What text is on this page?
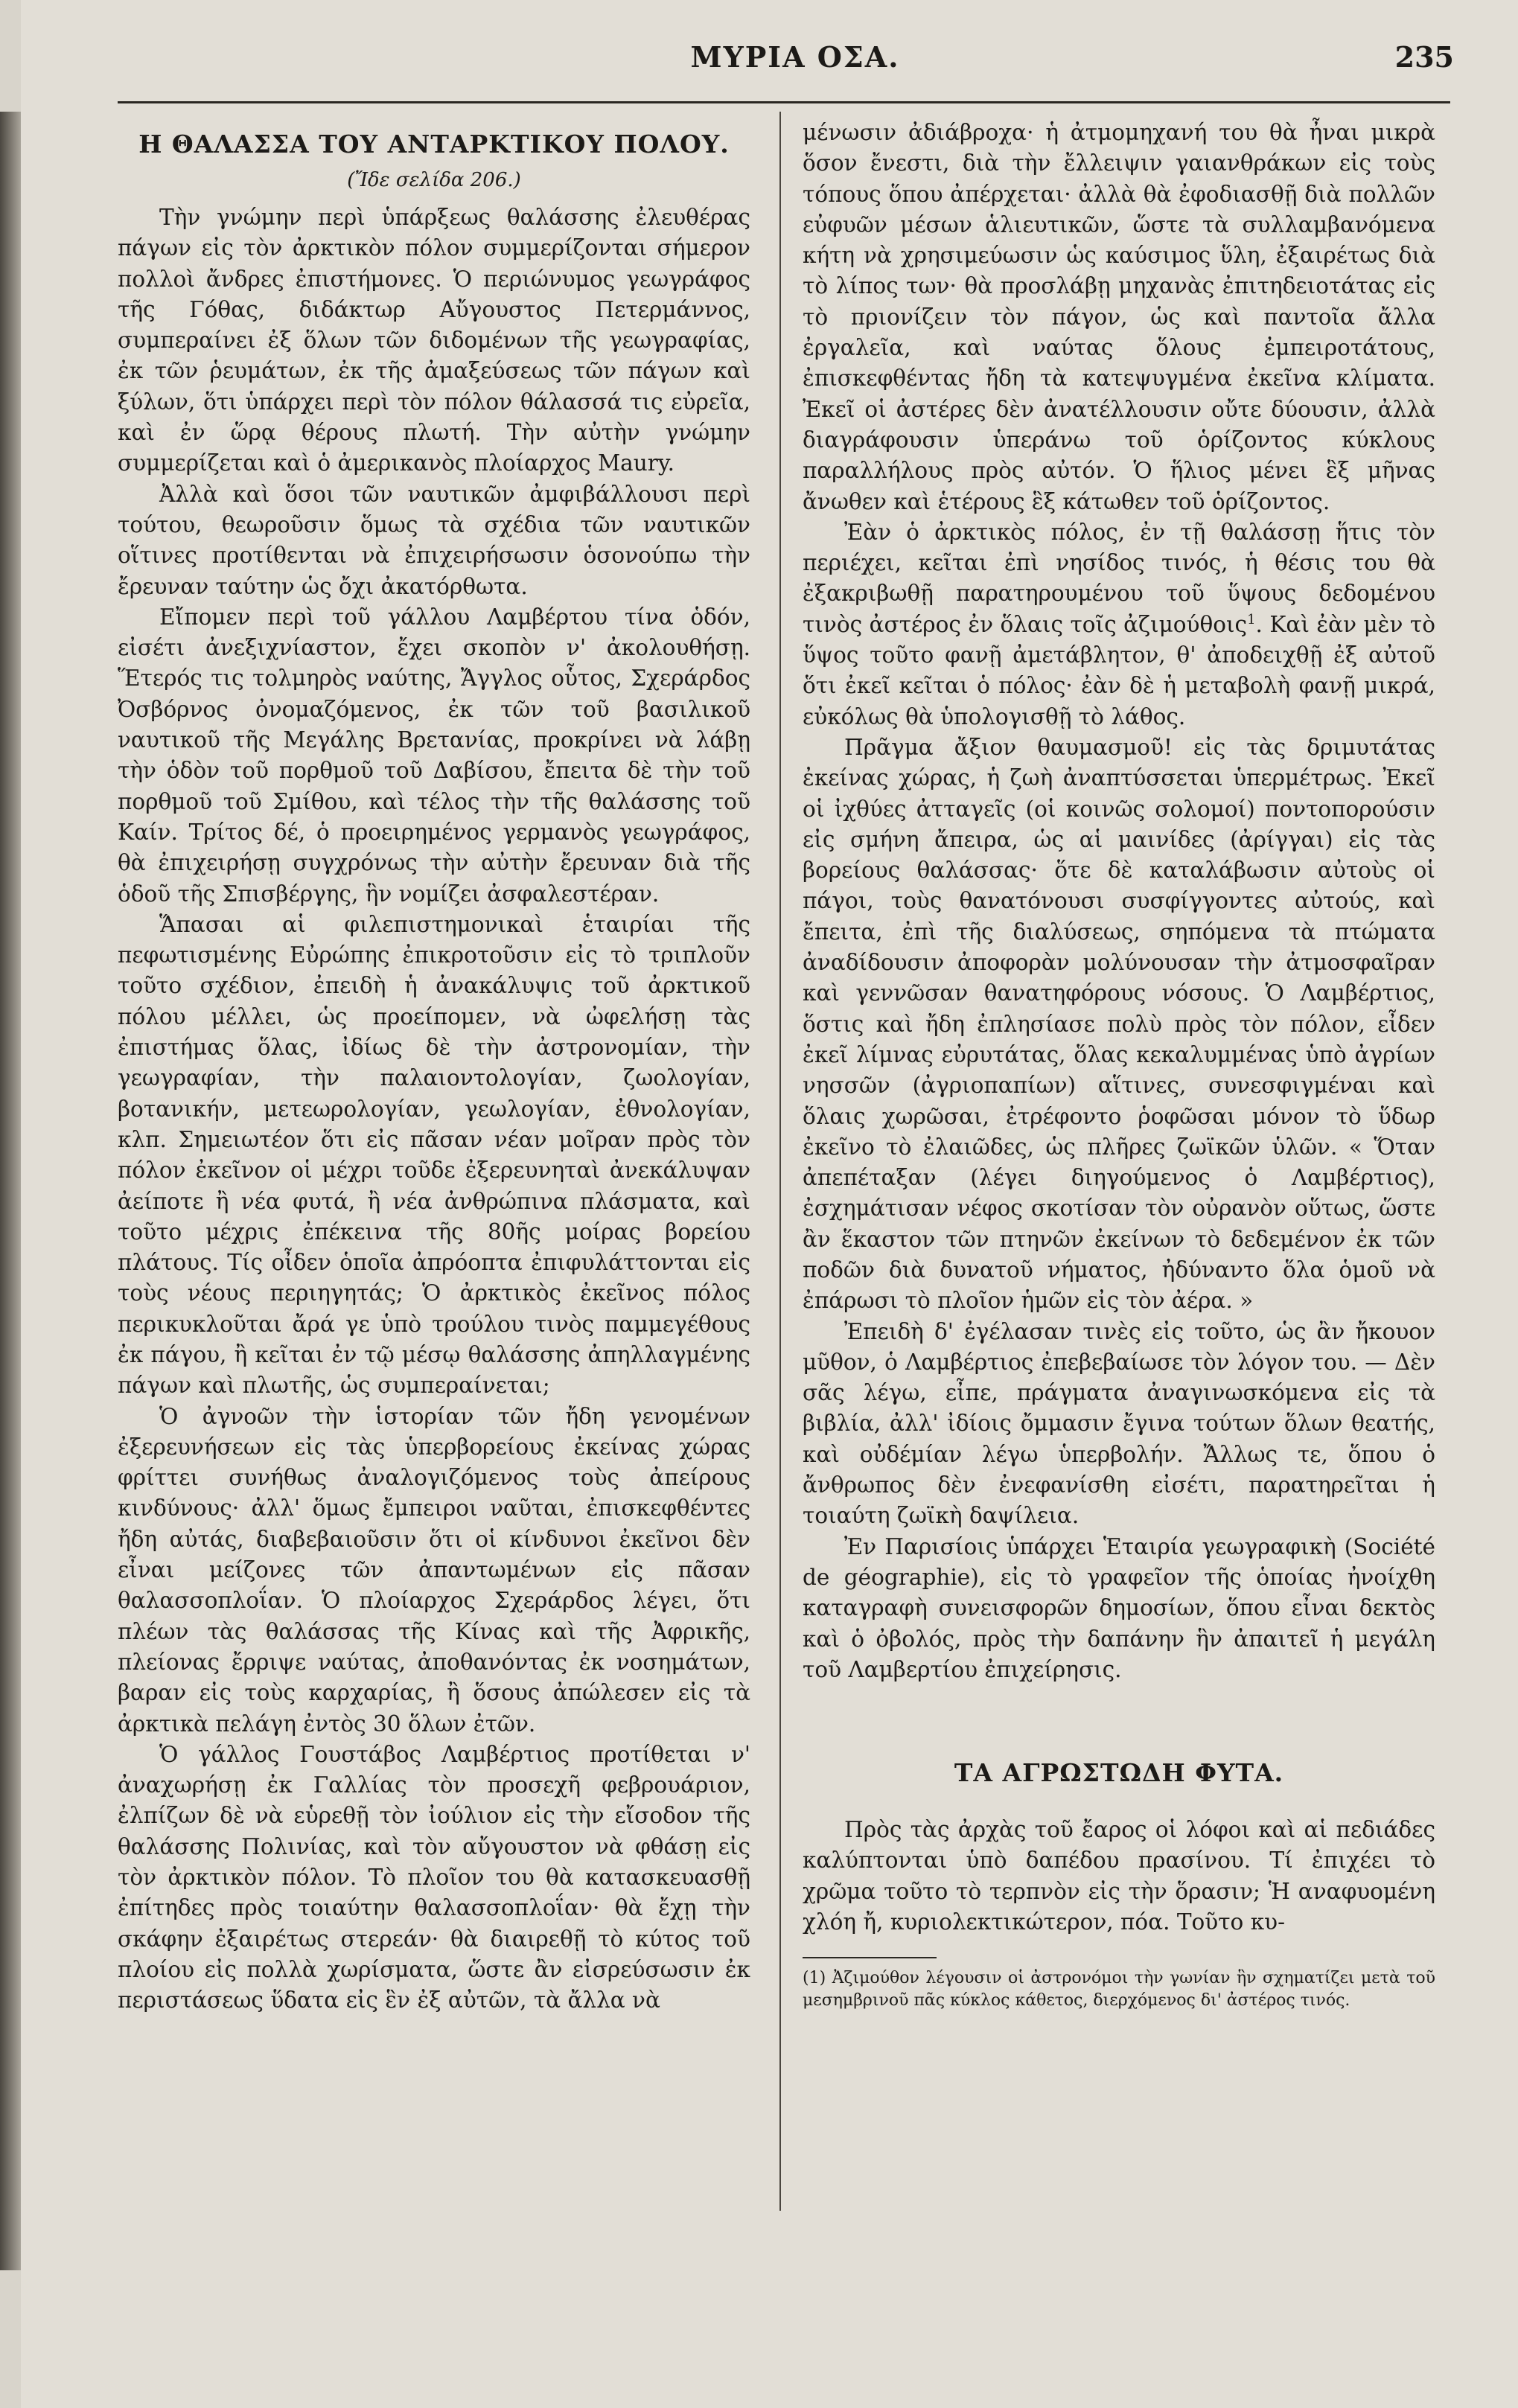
ΜΥΡΙΑ ΟΣΑ.	235
Η ΘΑΛΑΣΣΑ ΤΟΥ ΑΝΤΑΡΚΤΙΚΟΥ ΠΟΛΟΥ.
(Ἴδε σελίδα 206.)

Τὴν γνώμην περὶ ὑπάρξεως θαλάσσης ἐλευθέρας πάγων εἰς τὸν ἀρκτικὸν πόλον συμμερίζονται σήμερον πολλοὶ ἄνδρες ἐπιστήμονες. Ὁ περιώνυμος γεωγράφος τῆς Γόθας, διδάκτωρ Αὔγουστος Πετερμάννος, συμπεραίνει ἐξ ὅλων τῶν διδομένων τῆς γεωγραφίας, ἐκ τῶν ῥευμάτων, ἐκ τῆς ἀμαξεύσεως τῶν πάγων καὶ ξύλων, ὅτι ὑπάρχει περὶ τὸν πόλον θάλασσά τις εὐρεῖα, καὶ ἐν ὥρᾳ θέρους πλωτή. Τὴν αὐτὴν γνώμην συμμερίζεται καὶ ὁ ἀμερικανὸς πλοίαρχος Maury.

Ἀλλὰ καὶ ὅσοι τῶν ναυτικῶν ἀμφιβάλλουσι περὶ τούτου, θεωροῦσιν ὅμως τὰ σχέδια τῶν ναυτικῶν οἵτινες προτίθενται νὰ ἐπιχειρήσωσιν ὁσονούπω τὴν ἔρευναν ταύτην ὡς ὄχι ἀκατόρθωτα.

Εἴπομεν περὶ τοῦ γάλλου Λαμβέρτου τίνα ὁδόν, εἰσέτι ἀνεξιχνίαστον, ἔχει σκοπὸν ν' ἀκολουθήσῃ. Ἕτερός τις τολμηρὸς ναύτης, Ἄγγλος οὗτος, Σχεράρδος Ὀσβόρνος ὀνομαζόμενος, ἐκ τῶν τοῦ βασιλικοῦ ναυτικοῦ τῆς Μεγάλης Βρετανίας, προκρίνει νὰ λάβῃ τὴν ὁδὸν τοῦ πορθμοῦ τοῦ Δαβίσου, ἔπειτα δὲ τὴν τοῦ πορθμοῦ τοῦ Σμίθου, καὶ τέλος τὴν τῆς θαλάσσης τοῦ Καίν. Τρίτος δέ, ὁ προειρημένος γερμανὸς γεωγράφος, θὰ ἐπιχειρήσῃ συγχρόνως τὴν αὐτὴν ἔρευναν διὰ τῆς ὁδοῦ τῆς Σπισβέργης, ἣν νομίζει ἀσφαλεστέραν.

Ἅπασαι αἱ φιλεπιστημονικαὶ ἑταιρίαι τῆς πεφωτισμένης Εὐρώπης ἐπικροτοῦσιν εἰς τὸ τριπλοῦν τοῦτο σχέδιον, ἐπειδὴ ἡ ἀνακάλυψις τοῦ ἀρκτικοῦ πόλου μέλλει, ὡς προείπομεν, νὰ ὠφελήσῃ τὰς ἐπιστήμας ὅλας, ἰδίως δὲ τὴν ἀστρονομίαν, τὴν γεωγραφίαν, τὴν παλαιοντολογίαν, ζωολογίαν, βοτανικήν, μετεωρολογίαν, γεωλογίαν, ἐθνολογίαν, κλπ. Σημειωτέον ὅτι εἰς πᾶσαν νέαν μοῖραν πρὸς τὸν πόλον ἐκεῖνον οἱ μέχρι τοῦδε ἐξερευνηταὶ ἀνεκάλυψαν ἀείποτε ἢ νέα φυτά, ἢ νέα ἀνθρώπινα πλάσματα, καὶ τοῦτο μέχρις ἐπέκεινα τῆς 80ῆς μοίρας βορείου πλάτους. Τίς οἶδεν ὁποῖα ἀπρόοπτα ἐπιφυλάττονται εἰς τοὺς νέους περιηγητάς; Ὁ ἀρκτικὸς ἐκεῖνος πόλος περικυκλοῦται ἄρά γε ὑπὸ τρούλου τινὸς παμμεγέθους ἐκ πάγου, ἢ κεῖται ἐν τῷ μέσῳ θαλάσσης ἀπηλλαγμένης πάγων καὶ πλωτῆς, ὡς συμπεραίνεται;

Ὁ ἀγνοῶν τὴν ἱστορίαν τῶν ἤδη γενομένων ἐξερευνήσεων εἰς τὰς ὑπερβορείους ἐκείνας χώρας φρίττει συνήθως ἀναλογιζόμενος τοὺς ἀπείρους κινδύνους· ἀλλ' ὅμως ἔμπειροι ναῦται, ἐπισκεφθέντες ἤδη αὐτάς, διαβεβαιοῦσιν ὅτι οἱ κίνδυνοι ἐκεῖνοι δὲν εἶναι μείζονες τῶν ἀπαντωμένων εἰς πᾶσαν θαλασσοπλοΐαν. Ὁ πλοίαρχος Σχεράρδος λέγει, ὅτι πλέων τὰς θαλάσσας τῆς Κίνας καὶ τῆς Ἀφρικῆς, πλείονας ἔρριψε ναύτας, ἀποθανόντας ἐκ νοσημάτων, βαραν εἰς τοὺς καρχαρίας, ἢ ὅσους ἀπώλεσεν εἰς τὰ ἀρκτικὰ πελάγη ἐντὸς 30 ὅλων ἐτῶν.

Ὁ γάλλος Γουστάβος Λαμβέρτιος προτίθεται ν' ἀναχωρήσῃ ἐκ Γαλλίας τὸν προσεχῆ φεβρουάριον, ἐλπίζων δὲ νὰ εὑρεθῇ τὸν ἰούλιον εἰς τὴν εἴσοδον τῆς θαλάσσης Πολινίας, καὶ τὸν αὔγουστον νὰ φθάσῃ εἰς τὸν ἀρκτικὸν πόλον. Τὸ πλοῖον του θὰ κατασκευασθῇ ἐπίτηδες πρὸς τοιαύτην θαλασσοπλοΐαν· θὰ ἔχῃ τὴν σκάφην ἐξαιρέτως στερεάν· θὰ διαιρεθῇ τὸ κύτος τοῦ πλοίου εἰς πολλὰ χωρίσματα, ὥστε ἂν εἰσρεύσωσιν ἐκ περιστάσεως ὕδατα εἰς ἓν ἐξ αὐτῶν, τὰ ἄλλα νὰ

μένωσιν ἀδιάβροχα· ἡ ἀτμομηχανή του θὰ ἦναι μικρὰ ὅσον ἔνεστι, διὰ τὴν ἔλλειψιν γαιανθράκων εἰς τοὺς τόπους ὅπου ἀπέρχεται· ἀλλὰ θὰ ἐφοδιασθῇ διὰ πολλῶν εὐφυῶν μέσων ἁλιευτικῶν, ὥστε τὰ συλλαμβανόμενα κήτη νὰ χρησιμεύωσιν ὡς καύσιμος ὕλη, ἐξαιρέτως διὰ τὸ λίπος των· θὰ προσλάβῃ μηχανὰς ἐπιτηδειοτάτας εἰς τὸ πριονίζειν τὸν πάγον, ὡς καὶ παντοῖα ἄλλα ἐργαλεῖα, καὶ ναύτας ὅλους ἐμπειροτάτους, ἐπισκεφθέντας ἤδη τὰ κατεψυγμένα ἐκεῖνα κλίματα. Ἐκεῖ οἱ ἀστέρες δὲν ἀνατέλλουσιν οὔτε δύουσιν, ἀλλὰ διαγράφουσιν ὑπεράνω τοῦ ὁρίζοντος κύκλους παραλλήλους πρὸς αὐτόν. Ὁ ἥλιος μένει ἓξ μῆνας ἄνωθεν καὶ ἑτέρους ἓξ κάτωθεν τοῦ ὁρίζοντος.

Ἐὰν ὁ ἀρκτικὸς πόλος, ἐν τῇ θαλάσσῃ ἥτις τὸν περιέχει, κεῖται ἐπὶ νησίδος τινός, ἡ θέσις του θὰ ἐξακριβωθῇ παρατηρουμένου τοῦ ὕψους δεδομένου τινὸς ἀστέρος ἐν ὅλαις τοῖς ἀζιμούθοις$^1$. Καὶ ἐὰν μὲν τὸ ὕψος τοῦτο φανῇ ἀμετάβλητον, θ' ἀποδειχθῇ ἐξ αὐτοῦ ὅτι ἐκεῖ κεῖται ὁ πόλος· ἐὰν δὲ ἡ μεταβολὴ φανῇ μικρά, εὐκόλως θὰ ὑπολογισθῇ τὸ λάθος.

Πρᾶγμα ἄξιον θαυμασμοῦ! εἰς τὰς δριμυτάτας ἐκείνας χώρας, ἡ ζωὴ ἀναπτύσσεται ὑπερμέτρως. Ἐκεῖ οἱ ἰχθύες ἀτταγεῖς (οἱ κοινῶς σολομοί) ποντοπορούσιν εἰς σμήνη ἄπειρα, ὡς αἱ μαινίδες (ἀρίγγαι) εἰς τὰς βορείους θαλάσσας· ὅτε δὲ καταλάβωσιν αὐτοὺς οἱ πάγοι, τοὺς θανατόνουσι συσφίγγοντες αὐτούς, καὶ ἔπειτα, ἐπὶ τῆς διαλύσεως, σηπόμενα τὰ πτώματα ἀναδίδουσιν ἀποφορὰν μολύνουσαν τὴν ἀτμοσφαῖραν καὶ γεννῶσαν θανατηφόρους νόσους. Ὁ Λαμβέρτιος, ὅστις καὶ ἤδη ἐπλησίασε πολὺ πρὸς τὸν πόλον, εἶδεν ἐκεῖ λίμνας εὐρυτάτας, ὅλας κεκαλυμμένας ὑπὸ ἀγρίων νησσῶν (ἀγριοπαπίων) αἵτινες, συνεσφιγμέναι καὶ ὅλαις χωρῶσαι, ἐτρέφοντο ῥοφῶσαι μόνον τὸ ὕδωρ ἐκεῖνο τὸ ἐλαιῶδες, ὡς πλῆρες ζωϊκῶν ὑλῶν. « Ὅταν ἀπεπέταξαν (λέγει διηγούμενος ὁ Λαμβέρτιος), ἐσχημάτισαν νέφος σκοτίσαν τὸν οὐρανὸν οὕτως, ὥστε ἂν ἕκαστον τῶν πτηνῶν ἐκείνων τὸ δεδεμένον ἐκ τῶν ποδῶν διὰ δυνατοῦ νήματος, ἠδύναντο ὅλα ὁμοῦ νὰ ἐπάρωσι τὸ πλοῖον ἡμῶν εἰς τὸν ἀέρα. »

Ἐπειδὴ δ' ἐγέλασαν τινὲς εἰς τοῦτο, ὡς ἂν ἤκουον μῦθον, ὁ Λαμβέρτιος ἐπεβεβαίωσε τὸν λόγον του. — Δὲν σᾶς λέγω, εἶπε, πράγματα ἀναγινωσκόμενα εἰς τὰ βιβλία, ἀλλ' ἰδίοις ὄμμασιν ἔγινα τούτων ὅλων θεατής, καὶ οὐδέμίαν λέγω ὑπερβολήν. Ἄλλως τε, ὅπου ὁ ἄνθρωπος δὲν ἐνεφανίσθη εἰσέτι, παρατηρεῖται ἡ τοιαύτη ζωϊκὴ δαψίλεια.

Ἐν Παρισίοις ὑπάρχει Ἑταιρία γεωγραφικὴ (Société de géographie), εἰς τὸ γραφεῖον τῆς ὁποίας ἠνοίχθη καταγραφὴ συνεισφορῶν δημοσίων, ὅπου εἶναι δεκτὸς καὶ ὁ ὀβολός, πρὸς τὴν δαπάνην ἣν ἀπαιτεῖ ἡ μεγάλη τοῦ Λαμβερτίου ἐπιχείρησις.

ΤΑ ΑΓΡΩΣΤΩΔΗ ΦΥΤΑ.

Πρὸς τὰς ἀρχὰς τοῦ ἔαρος οἱ λόφοι καὶ αἱ πεδιάδες καλύπτονται ὑπὸ δαπέδου πρασίνου. Τί ἐπιχέει τὸ χρῶμα τοῦτο τὸ τερπνὸν εἰς τὴν ὅρασιν; Ἡ αναφυομένη χλόη ἤ, κυριολεκτικώτερον, πόα. Τοῦτο κυ-

(1) Ἀζιμούθον λέγουσιν οἱ ἀστρονόμοι τὴν γωνίαν ἣν σχηματίζει μετὰ τοῦ μεσημβρινοῦ πᾶς κύκλος κάθετος, διερχόμενος δι' ἀστέρος τινός.
